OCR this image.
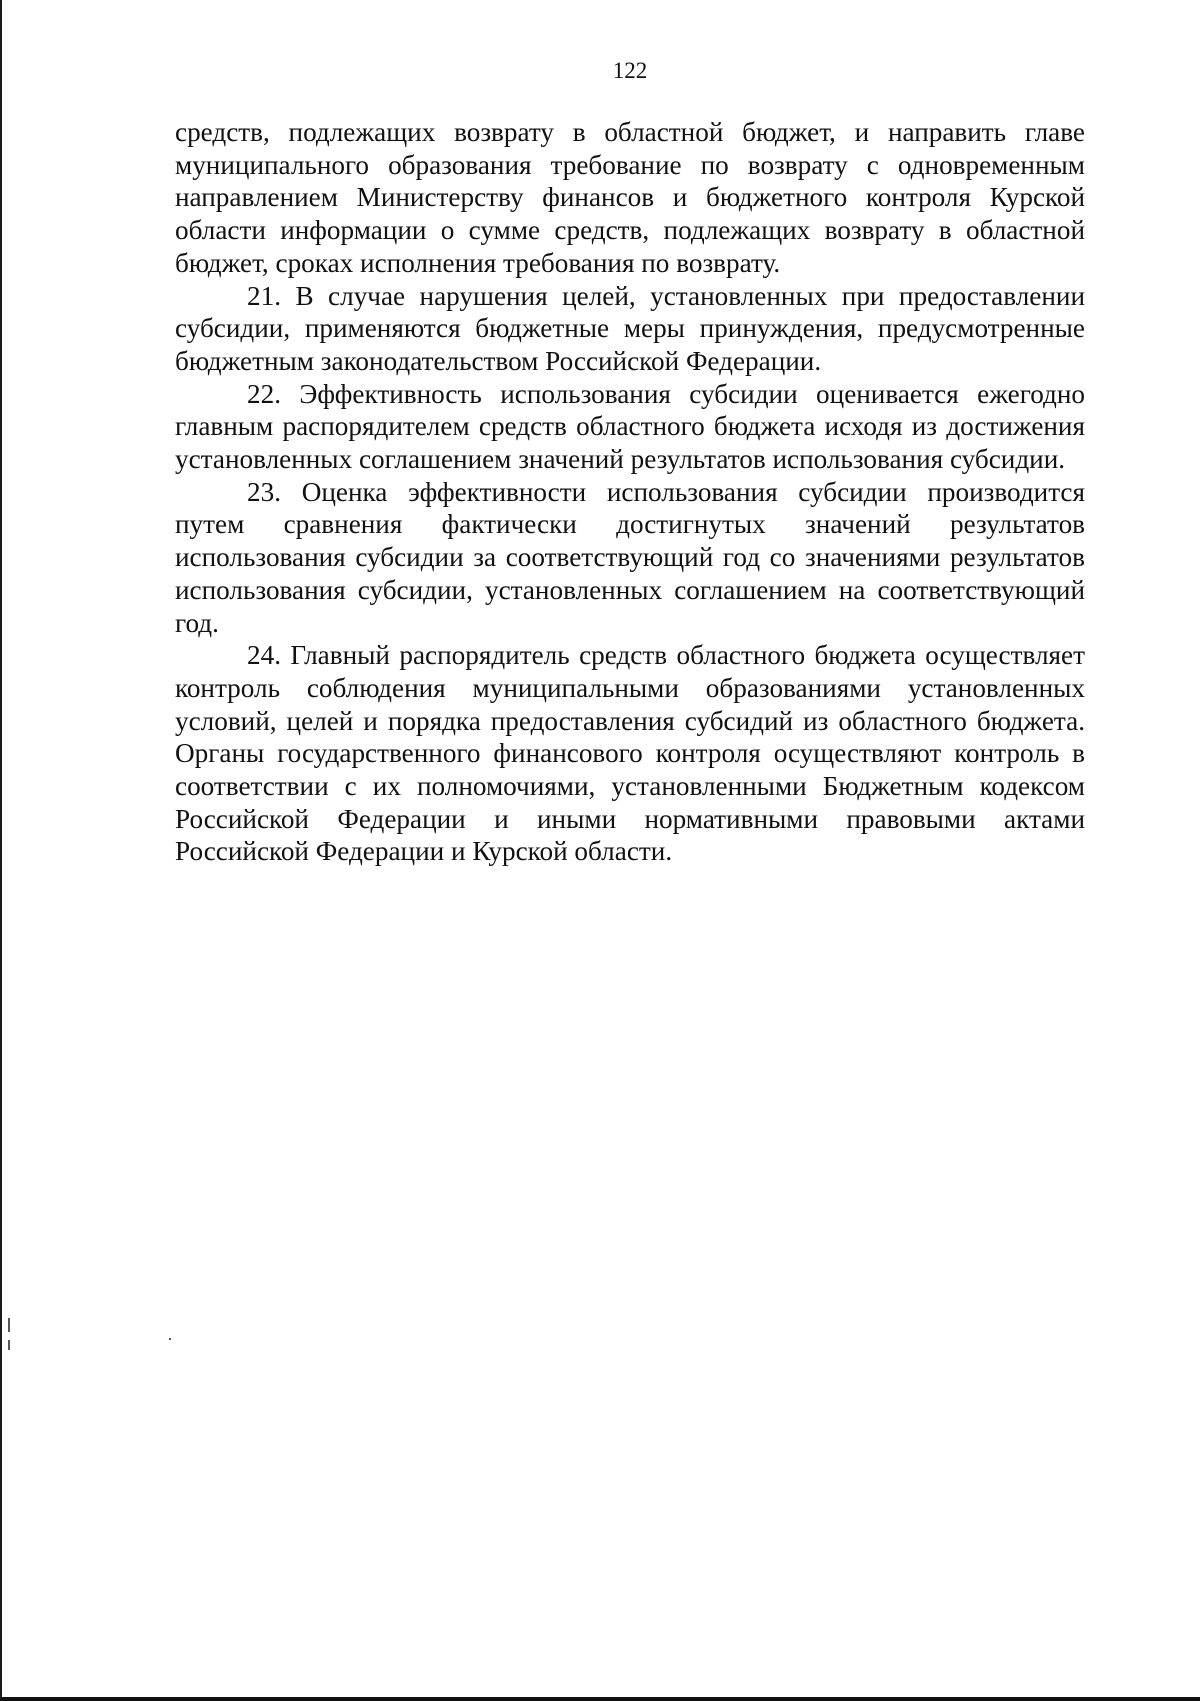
122

средств, подлежащих возврату в областной бюджет, и направить главе муниципального образования требование по возврату с одновременным направлением Министерству финансов и бюджетного контроля Курской области информации о сумме средств, подлежащих возврату в областной бюджет, сроках исполнения требования по возврату.

21. В случае нарушения целей, установленных при предоставлении субсидии, применяются бюджетные меры принуждения, предусмотренные бюджетным законодательством Российской Федерации.

22. Эффективность использования субсидии оценивается ежегодно главным распорядителем средств областного бюджета исходя из достижения установленных соглашением значений результатов использования субсидии.

23. Оценка эффективности использования субсидии производится путем сравнения фактически достигнутых значений результатов использования субсидии за соответствующий год со значениями результатов использования субсидии, установленных соглашением на соответствующий год.

24. Главный распорядитель средств областного бюджета осуществляет контроль соблюдения муниципальными образованиями установленных условий, целей и порядка предоставления субсидий из областного бюджета. Органы государственного финансового контроля осуществляют контроль в соответствии с их полномочиями, установленными Бюджетным кодексом Российской Федерации и иными нормативными правовыми актами Российской Федерации и Курской области.
